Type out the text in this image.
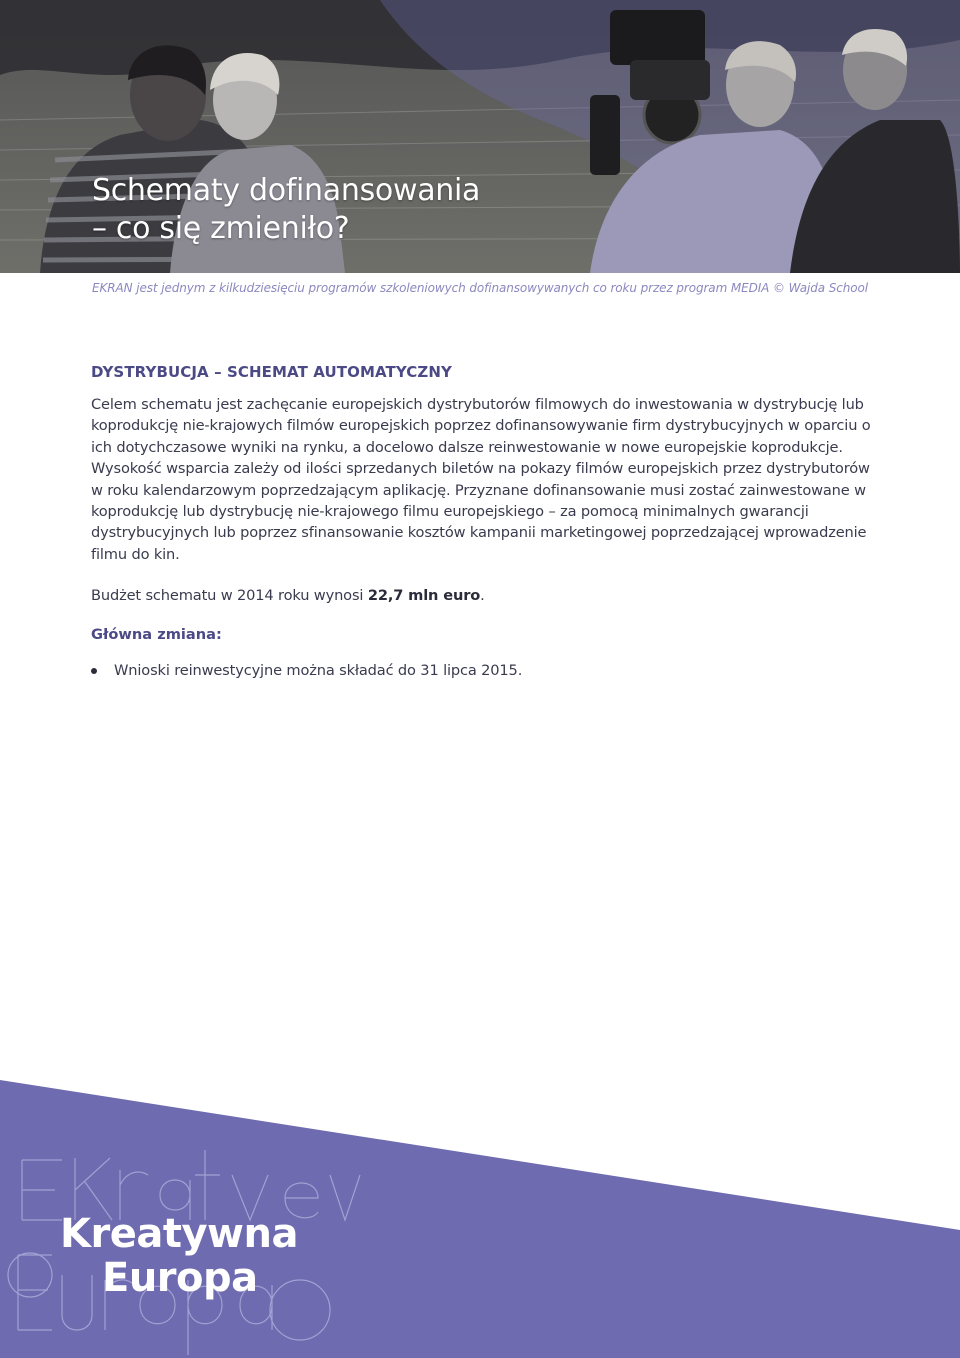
Schematy dofinansowania
– co się zmieniło?
EKRAN jest jednym z kilkudziesięciu programów szkoleniowych dofinansowywanych co roku przez program MEDIA © Wajda School
DYSTRYBUCJA – SCHEMAT AUTOMATYCZNY

Celem schematu jest zachęcanie europejskich dystrybutorów filmowych do inwestowania w dystrybucję lub koprodukcję nie-krajowych filmów europejskich poprzez dofinansowywanie firm dystrybucyjnych w oparciu o ich dotychczasowe wyniki na rynku, a docelowo dalsze reinwestowanie w nowe europejskie koprodukcje. Wysokość wsparcia zależy od ilości sprzedanych biletów na pokazy filmów europejskich przez dystrybutorów w roku kalendarzowym poprzedzającym aplikację. Przyznane dofinansowanie musi zostać zainwestowane w koprodukcję lub dystrybucję nie-krajowego filmu europejskiego – za pomocą minimalnych gwarancji dystrybucyjnych lub poprzez sfinansowanie kosztów kampanii marketingowej poprzedzającej wprowadzenie filmu do kin.

Budżet schematu w 2014 roku wynosi 22,7 mln euro.

Główna zmiana:

Wnioski reinwestycyjne można składać do 31 lipca 2015.
Kreatywna
Europa
